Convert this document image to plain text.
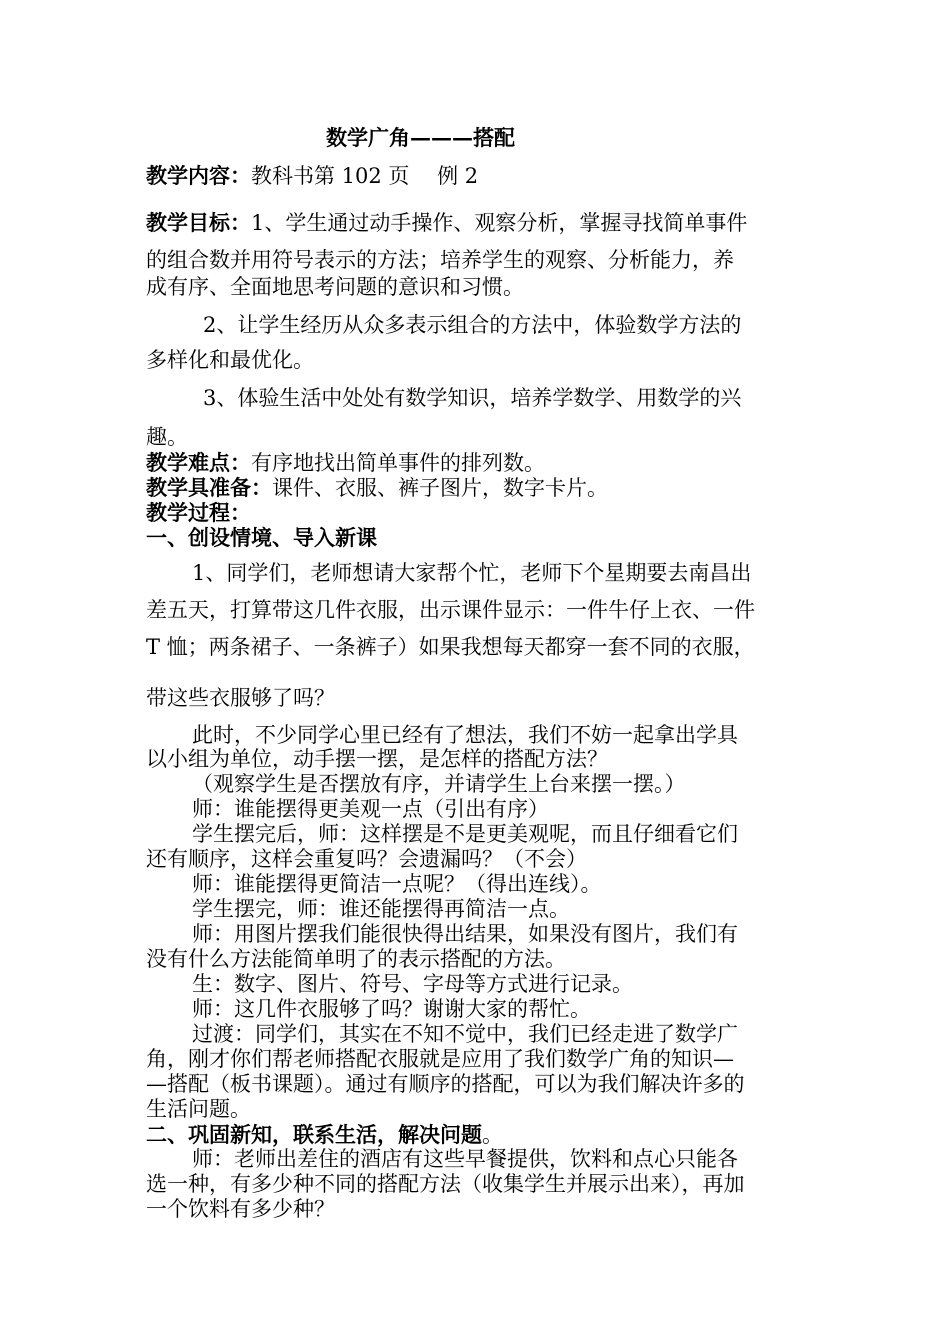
数学广角———搭配
教学内容：教科书第 102 页　 例 2
教学目标：1、学生通过动手操作、观察分析，掌握寻找简单事件
的组合数并用符号表示的方法；培养学生的观察、分析能力，养
成有序、全面地思考问题的意识和习惯。
2、让学生经历从众多表示组合的方法中，体验数学方法的
多样化和最优化。
3、体验生活中处处有数学知识，培养学数学、用数学的兴
趣。
教学难点：有序地找出简单事件的排列数。
教学具准备：课件、衣服、裤子图片，数字卡片。
教学过程：
一、创设情境、导入新课
1、同学们，老师想请大家帮个忙，老师下个星期要去南昌出
差五天，打算带这几件衣服，出示课件显示：一件牛仔上衣、一件
T 恤；两条裙子、一条裤子）如果我想每天都穿一套不同的衣服，
带这些衣服够了吗？
此时，不少同学心里已经有了想法，我们不妨一起拿出学具
以小组为单位，动手摆一摆，是怎样的搭配方法？
（观察学生是否摆放有序，并请学生上台来摆一摆。）
师：谁能摆得更美观一点（引出有序）
学生摆完后，师：这样摆是不是更美观呢，而且仔细看它们
还有顺序，这样会重复吗？会遗漏吗？（不会）
师：谁能摆得更简洁一点呢？（得出连线）。
学生摆完，师：谁还能摆得再简洁一点。
师：用图片摆我们能很快得出结果，如果没有图片，我们有
没有什么方法能简单明了的表示搭配的方法。
生：数字、图片、符号、字母等方式进行记录。
师：这几件衣服够了吗？谢谢大家的帮忙。
过渡：同学们，其实在不知不觉中，我们已经走进了数学广
角，刚才你们帮老师搭配衣服就是应用了我们数学广角的知识—
—搭配（板书课题）。通过有顺序的搭配，可以为我们解决许多的
生活问题。
二、巩固新知，联系生活，解决问题。
师：老师出差住的酒店有这些早餐提供，饮料和点心只能各
选一种，有多少种不同的搭配方法（收集学生并展示出来），再加
一个饮料有多少种？
